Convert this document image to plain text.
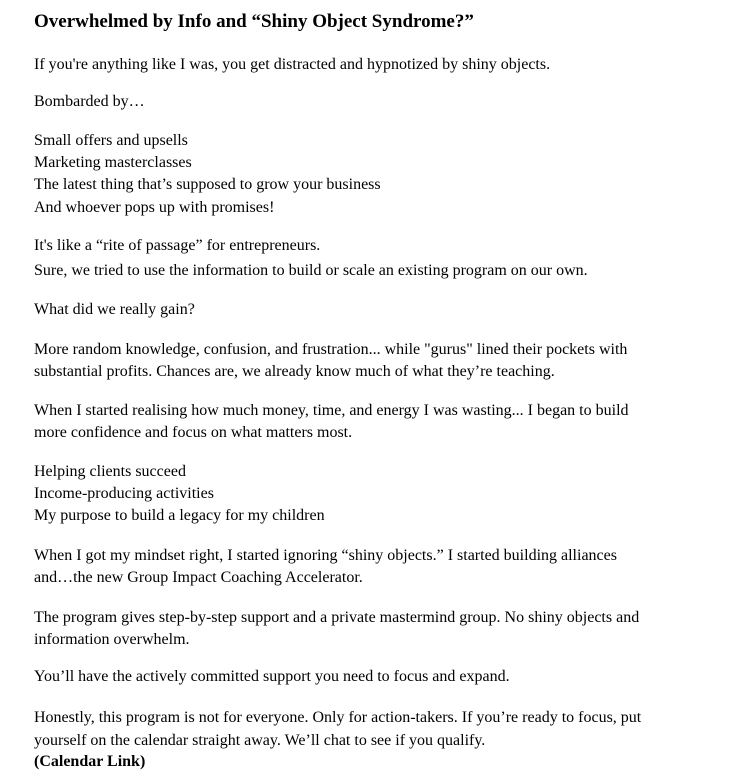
Overwhelmed by Info and “Shiny Object Syndrome?”

If you're anything like I was, you get distracted and hypnotized by shiny objects.

Bombarded by…

Small offers and upsells

Marketing masterclasses

The latest thing that’s supposed to grow your business

And whoever pops up with promises!

It's like a “rite of passage” for entrepreneurs.

Sure, we tried to use the information to build or scale an existing program on our own.

What did we really gain?

More random knowledge, confusion, and frustration... while "gurus" lined their pockets with

substantial profits. Chances are, we already know much of what they’re teaching.

When I started realising how much money, time, and energy I was wasting... I began to build

more confidence and focus on what matters most.

Helping clients succeed

Income-producing activities

My purpose to build a legacy for my children

When I got my mindset right, I started ignoring “shiny objects.” I started building alliances

and…the new Group Impact Coaching Accelerator.

The program gives step-by-step support and a private mastermind group. No shiny objects and

information overwhelm.

You’ll have the actively committed support you need to focus and expand.

Honestly, this program is not for everyone. Only for action-takers. If you’re ready to focus, put

yourself on the calendar straight away. We’ll chat to see if you qualify.

(Calendar Link)
